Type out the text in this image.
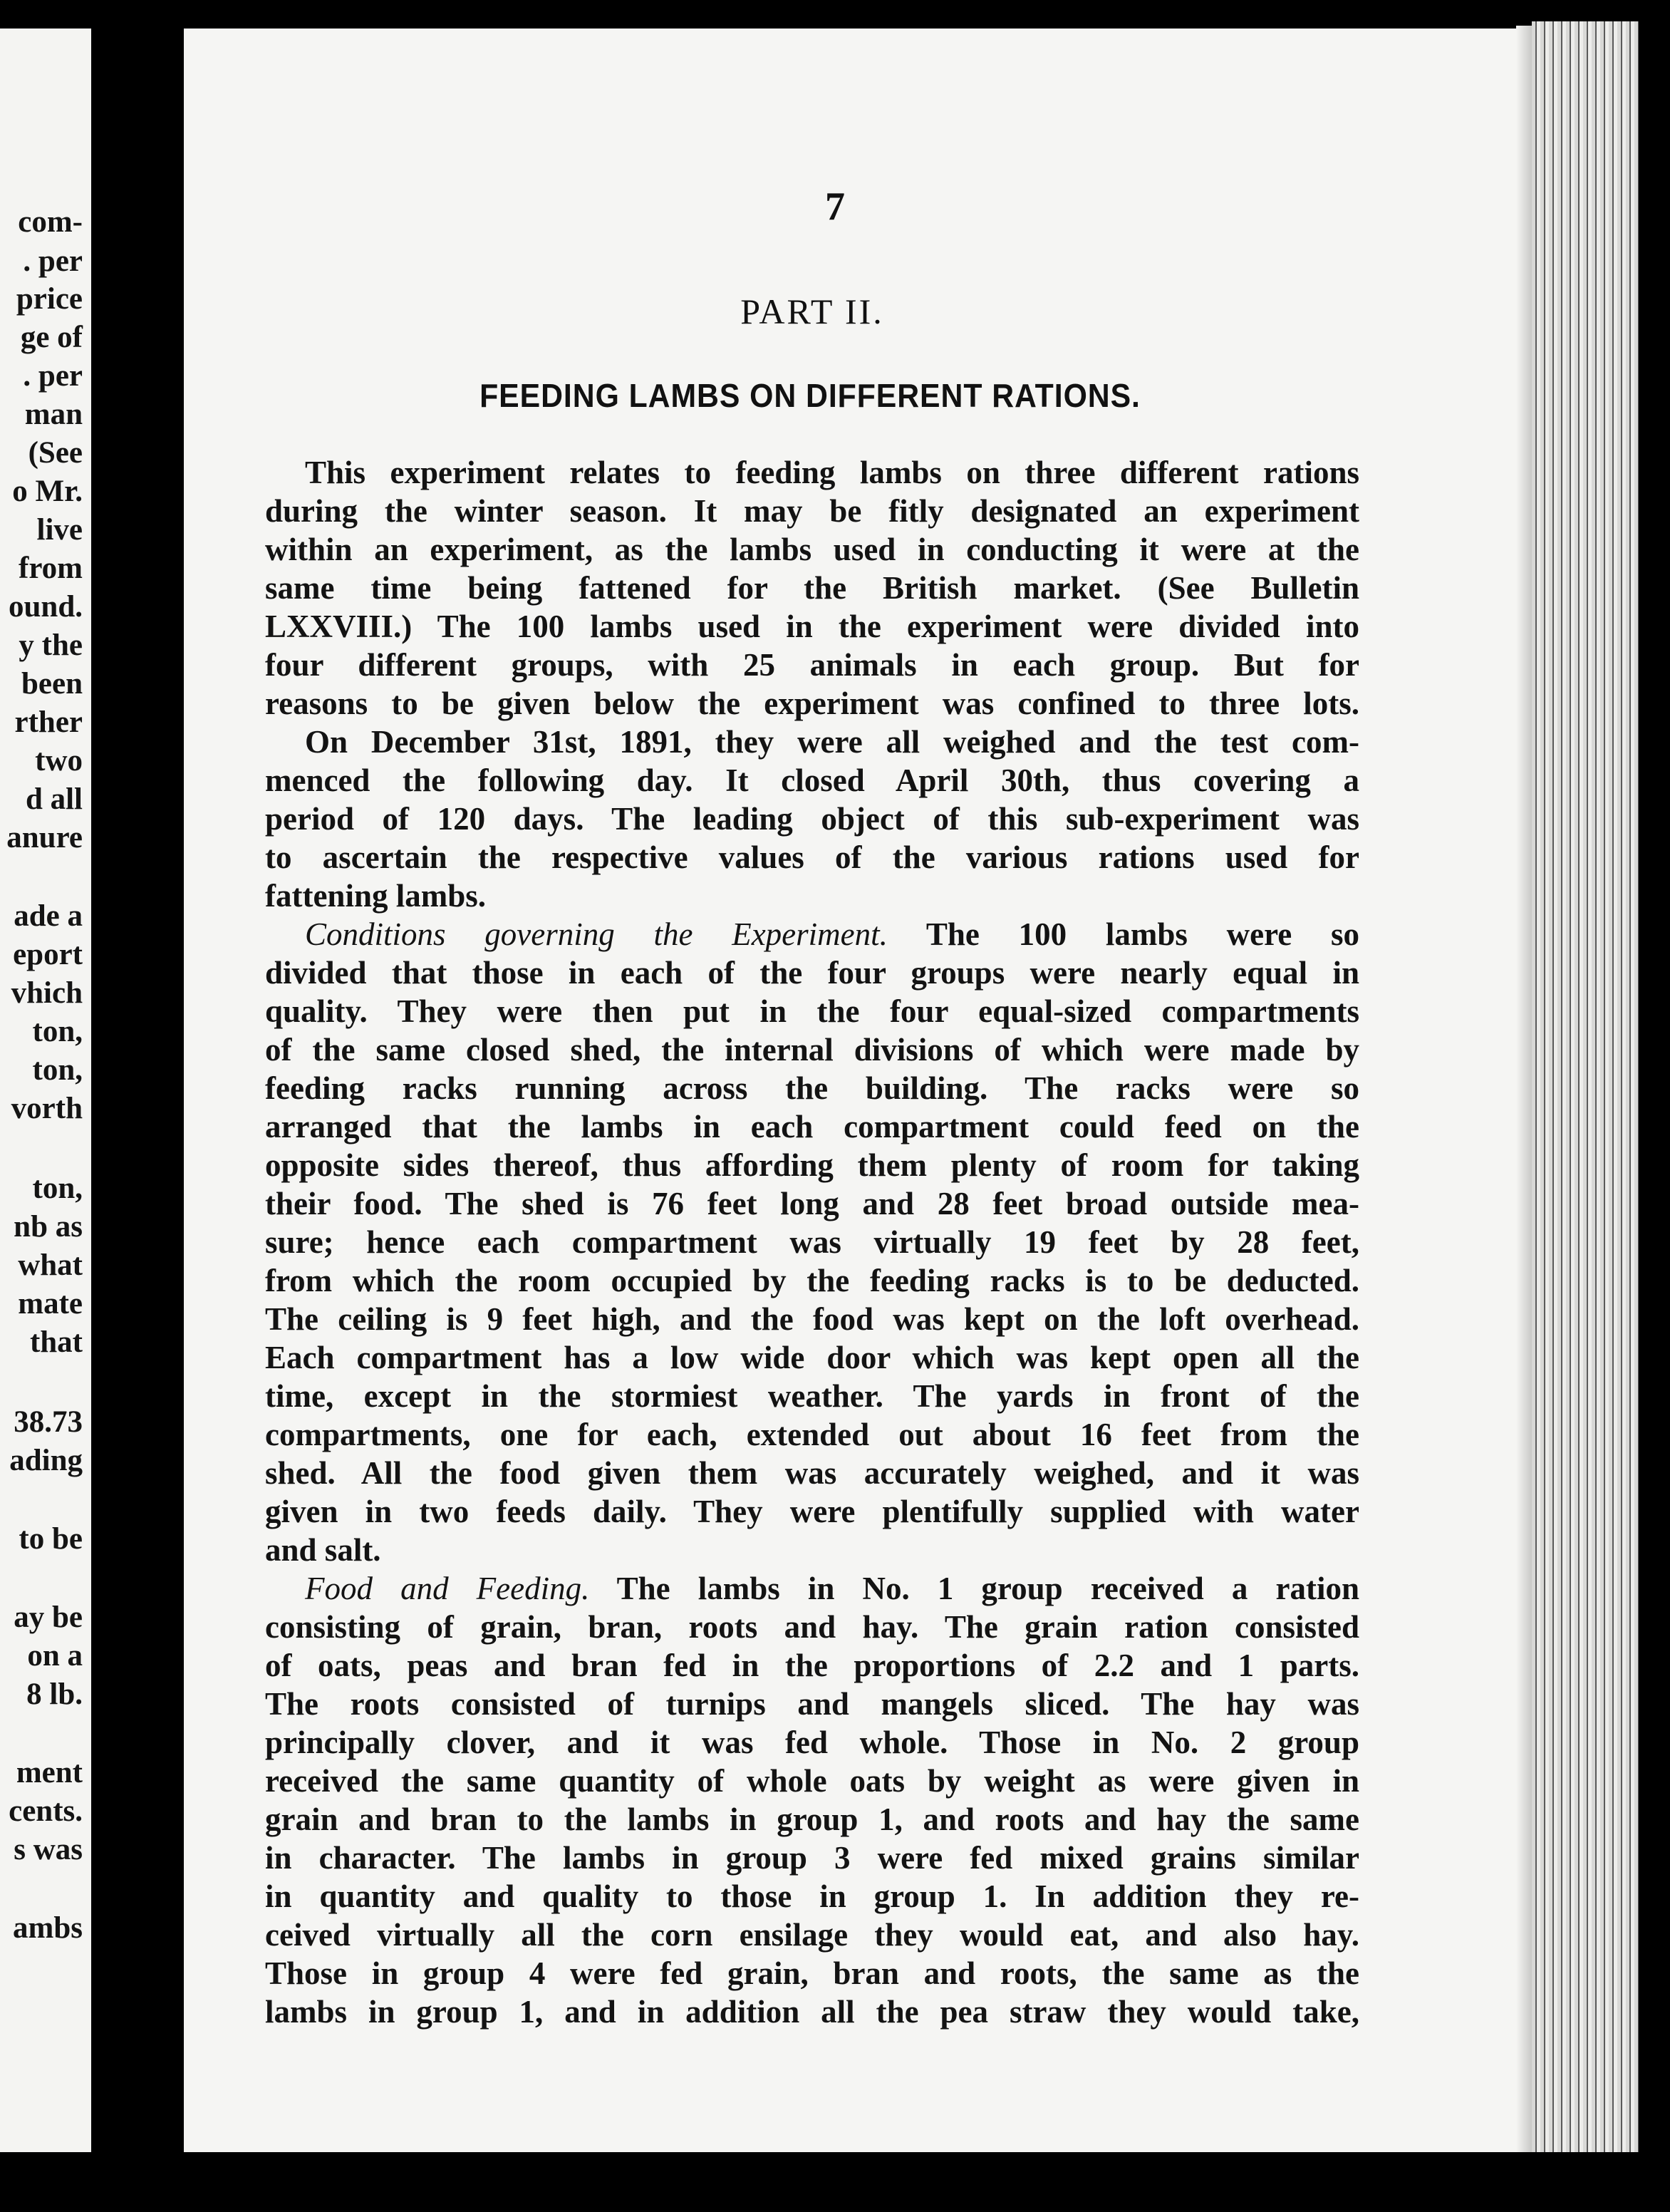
com-
. per
price
ge of
. per
man
(See
o Mr.
live
from
ound.
y the
been
rther
two
d all
anure
ade a
eport
vhich
ton,
ton,
vorth
ton,
nb as
what
mate
that
38.73
ading
to be
ay be
on a
8 lb.
ment
cents.
s was
ambs
7
PART II.
FEEDING LAMBS ON DIFFERENT RATIONS.
This experiment relates to feeding lambs on three different rations
during the winter season. It may be fitly designated an experiment
within an experiment, as the lambs used in conducting it were at the
same time being fattened for the British market. (See Bulletin
LXXVIII.) The 100 lambs used in the experiment were divided into
four different groups, with 25 animals in each group. But for
reasons to be given below the experiment was confined to three lots.
On December 31st, 1891, they were all weighed and the test com-
menced the following day. It closed April 30th, thus covering a
period of 120 days. The leading object of this sub-experiment was
to ascertain the respective values of the various rations used for
fattening lambs.
Conditions governing the Experiment. The 100 lambs were so
divided that those in each of the four groups were nearly equal in
quality. They were then put in the four equal-sized compartments
of the same closed shed, the internal divisions of which were made by
feeding racks running across the building. The racks were so
arranged that the lambs in each compartment could feed on the
opposite sides thereof, thus affording them plenty of room for taking
their food. The shed is 76 feet long and 28 feet broad outside mea-
sure; hence each compartment was virtually 19 feet by 28 feet,
from which the room occupied by the feeding racks is to be deducted.
The ceiling is 9 feet high, and the food was kept on the loft overhead.
Each compartment has a low wide door which was kept open all the
time, except in the stormiest weather. The yards in front of the
compartments, one for each, extended out about 16 feet from the
shed. All the food given them was accurately weighed, and it was
given in two feeds daily. They were plentifully supplied with water
and salt.
Food and Feeding. The lambs in No. 1 group received a ration
consisting of grain, bran, roots and hay. The grain ration consisted
of oats, peas and bran fed in the proportions of 2.2 and 1 parts.
The roots consisted of turnips and mangels sliced. The hay was
principally clover, and it was fed whole. Those in No. 2 group
received the same quantity of whole oats by weight as were given in
grain and bran to the lambs in group 1, and roots and hay the same
in character. The lambs in group 3 were fed mixed grains similar
in quantity and quality to those in group 1. In addition they re-
ceived virtually all the corn ensilage they would eat, and also hay.
Those in group 4 were fed grain, bran and roots, the same as the
lambs in group 1, and in addition all the pea straw they would take,
